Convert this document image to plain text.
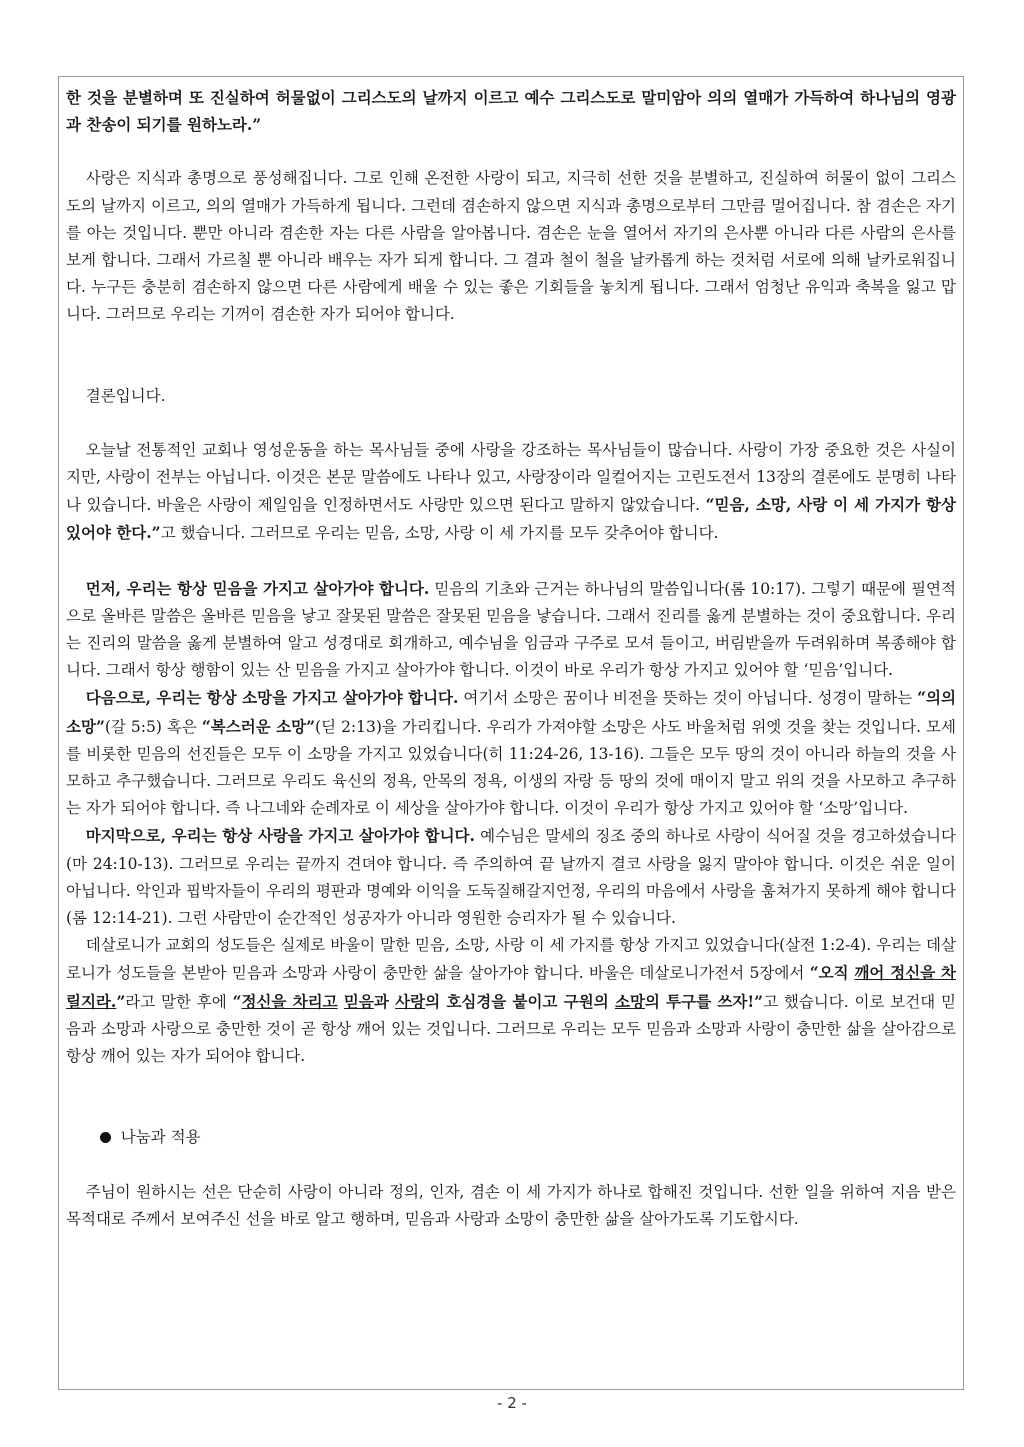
한 것을 분별하며 또 진실하여 허물없이 그리스도의 날까지 이르고 예수 그리스도로 말미암아 의의 열매가 가득하여 하나님의 영광과 찬송이 되기를 원하노라.”

사랑은 지식과 총명으로 풍성해집니다. 그로 인해 온전한 사랑이 되고, 지극히 선한 것을 분별하고, 진실하여 허물이 없이 그리스도의 날까지 이르고, 의의 열매가 가득하게 됩니다. 그런데 겸손하지 않으면 지식과 총명으로부터 그만큼 멀어집니다. 참 겸손은 자기를 아는 것입니다. 뿐만 아니라 겸손한 자는 다른 사람을 알아봅니다. 겸손은 눈을 열어서 자기의 은사뿐 아니라 다른 사람의 은사를 보게 합니다. 그래서 가르칠 뿐 아니라 배우는 자가 되게 합니다. 그 결과 철이 철을 날카롭게 하는 것처럼 서로에 의해 날카로워집니다. 누구든 충분히 겸손하지 않으면 다른 사람에게 배울 수 있는 좋은 기회들을 놓치게 됩니다. 그래서 엄청난 유익과 축복을 잃고 맙니다. 그러므로 우리는 기꺼이 겸손한 자가 되어야 합니다.

결론입니다.

오늘날 전통적인 교회나 영성운동을 하는 목사님들 중에 사랑을 강조하는 목사님들이 많습니다. 사랑이 가장 중요한 것은 사실이지만, 사랑이 전부는 아닙니다. 이것은 본문 말씀에도 나타나 있고, 사랑장이라 일컬어지는 고린도전서 13장의 결론에도 분명히 나타나 있습니다. 바울은 사랑이 제일임을 인정하면서도 사랑만 있으면 된다고 말하지 않았습니다. “믿음, 소망, 사랑 이 세 가지가 항상 있어야 한다.”고 했습니다. 그러므로 우리는 믿음, 소망, 사랑 이 세 가지를 모두 갖추어야 합니다.

먼저, 우리는 항상 믿음을 가지고 살아가야 합니다. 믿음의 기초와 근거는 하나님의 말씀입니다(롬 10:17). 그렇기 때문에 필연적으로 올바른 말씀은 올바른 믿음을 낳고 잘못된 말씀은 잘못된 믿음을 낳습니다. 그래서 진리를 옳게 분별하는 것이 중요합니다. 우리는 진리의 말씀을 옳게 분별하여 알고 성경대로 회개하고, 예수님을 임금과 구주로 모셔 들이고, 버림받을까 두려워하며 복종해야 합니다. 그래서 항상 행함이 있는 산 믿음을 가지고 살아가야 합니다. 이것이 바로 우리가 항상 가지고 있어야 할 ‘믿음’입니다.

다음으로, 우리는 항상 소망을 가지고 살아가야 합니다. 여기서 소망은 꿈이나 비전을 뜻하는 것이 아닙니다. 성경이 말하는 “의의 소망”(갈 5:5) 혹은 “복스러운 소망”(딛 2:13)을 가리킵니다. 우리가 가져야할 소망은 사도 바울처럼 위엣 것을 찾는 것입니다. 모세를 비롯한 믿음의 선진들은 모두 이 소망을 가지고 있었습니다(히 11:24-26, 13-16). 그들은 모두 땅의 것이 아니라 하늘의 것을 사모하고 추구했습니다. 그러므로 우리도 육신의 정욕, 안목의 정욕, 이생의 자랑 등 땅의 것에 매이지 말고 위의 것을 사모하고 추구하는 자가 되어야 합니다. 즉 나그네와 순례자로 이 세상을 살아가야 합니다. 이것이 우리가 항상 가지고 있어야 할 ‘소망’입니다.

마지막으로, 우리는 항상 사랑을 가지고 살아가야 합니다. 예수님은 말세의 징조 중의 하나로 사랑이 식어질 것을 경고하셨습니다(마 24:10-13). 그러므로 우리는 끝까지 견뎌야 합니다. 즉 주의하여 끝 날까지 결코 사랑을 잃지 말아야 합니다. 이것은 쉬운 일이 아닙니다. 악인과 핍박자들이 우리의 평판과 명예와 이익을 도둑질해갈지언정, 우리의 마음에서 사랑을 훔쳐가지 못하게 해야 합니다(롬 12:14-21). 그런 사람만이 순간적인 성공자가 아니라 영원한 승리자가 될 수 있습니다.

데살로니가 교회의 성도들은 실제로 바울이 말한 믿음, 소망, 사랑 이 세 가지를 항상 가지고 있었습니다(살전 1:2-4). 우리는 데살로니가 성도들을 본받아 믿음과 소망과 사랑이 충만한 삶을 살아가야 합니다. 바울은 데살로니가전서 5장에서 “오직 깨어 정신을 차릴지라.”라고 말한 후에 “정신을 차리고 믿음과 사랑의 호심경을 붙이고 구원의 소망의 투구를 쓰자!”고 했습니다. 이로 보건대 믿음과 소망과 사랑으로 충만한 것이 곧 항상 깨어 있는 것입니다. 그러므로 우리는 모두 믿음과 소망과 사랑이 충만한 삶을 살아감으로 항상 깨어 있는 자가 되어야 합니다.

나눔과 적용

주님이 원하시는 선은 단순히 사랑이 아니라 정의, 인자, 겸손 이 세 가지가 하나로 합해진 것입니다. 선한 일을 위하여 지음 받은 목적대로 주께서 보여주신 선을 바로 알고 행하며, 믿음과 사랑과 소망이 충만한 삶을 살아가도록 기도합시다.

- 2 -
